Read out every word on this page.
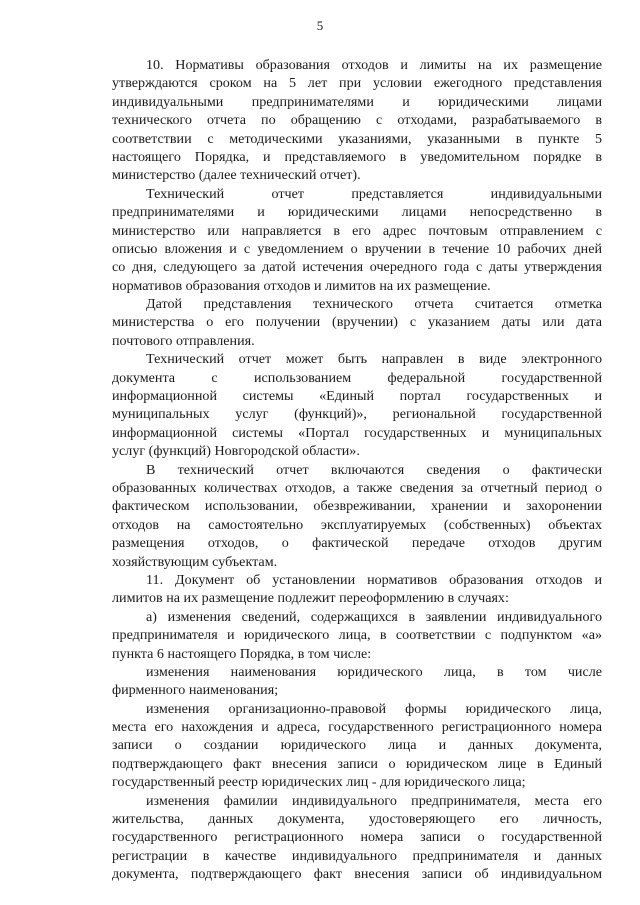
5
10. Нормативы образования отходов и лимиты на их размещение
утверждаются сроком на 5 лет при условии ежегодного представления
индивидуальными предпринимателями и юридическими лицами
технического отчета по обращению с отходами, разрабатываемого в
соответствии с методическими указаниями, указанными в пункте 5
настоящего Порядка, и представляемого в уведомительном порядке в
министерство (далее технический отчет).
Технический отчет представляется индивидуальными
предпринимателями и юридическими лицами непосредственно в
министерство или направляется в его адрес почтовым отправлением с
описью вложения и с уведомлением о вручении в течение 10 рабочих дней
со дня, следующего за датой истечения очередного года с даты утверждения
нормативов образования отходов и лимитов на их размещение.
Датой представления технического отчета считается отметка
министерства о его получении (вручении) с указанием даты или дата
почтового отправления.
Технический отчет может быть направлен в виде электронного
документа с использованием федеральной государственной
информационной системы «Единый портал государственных и
муниципальных услуг (функций)», региональной государственной
информационной системы «Портал государственных и муниципальных
услуг (функций) Новгородской области».
В технический отчет включаются сведения о фактически
образованных количествах отходов, а также сведения за отчетный период о
фактическом использовании, обезвреживании, хранении и захоронении
отходов на самостоятельно эксплуатируемых (собственных) объектах
размещения отходов, о фактической передаче отходов другим
хозяйствующим субъектам.
11. Документ об установлении нормативов образования отходов и
лимитов на их размещение подлежит переоформлению в случаях:
а) изменения сведений, содержащихся в заявлении индивидуального
предпринимателя и юридического лица, в соответствии с подпунктом «а»
пункта 6 настоящего Порядка, в том числе:
изменения наименования юридического лица, в том числе
фирменного наименования;
изменения организационно-правовой формы юридического лица,
места его нахождения и адреса, государственного регистрационного номера
записи о создании юридического лица и данных документа,
подтверждающего факт внесения записи о юридическом лице в Единый
государственный реестр юридических лиц - для юридического лица;
изменения фамилии индивидуального предпринимателя, места его
жительства, данных документа, удостоверяющего его личность,
государственного регистрационного номера записи о государственной
регистрации в качестве индивидуального предпринимателя и данных
документа, подтверждающего факт внесения записи об индивидуальном
